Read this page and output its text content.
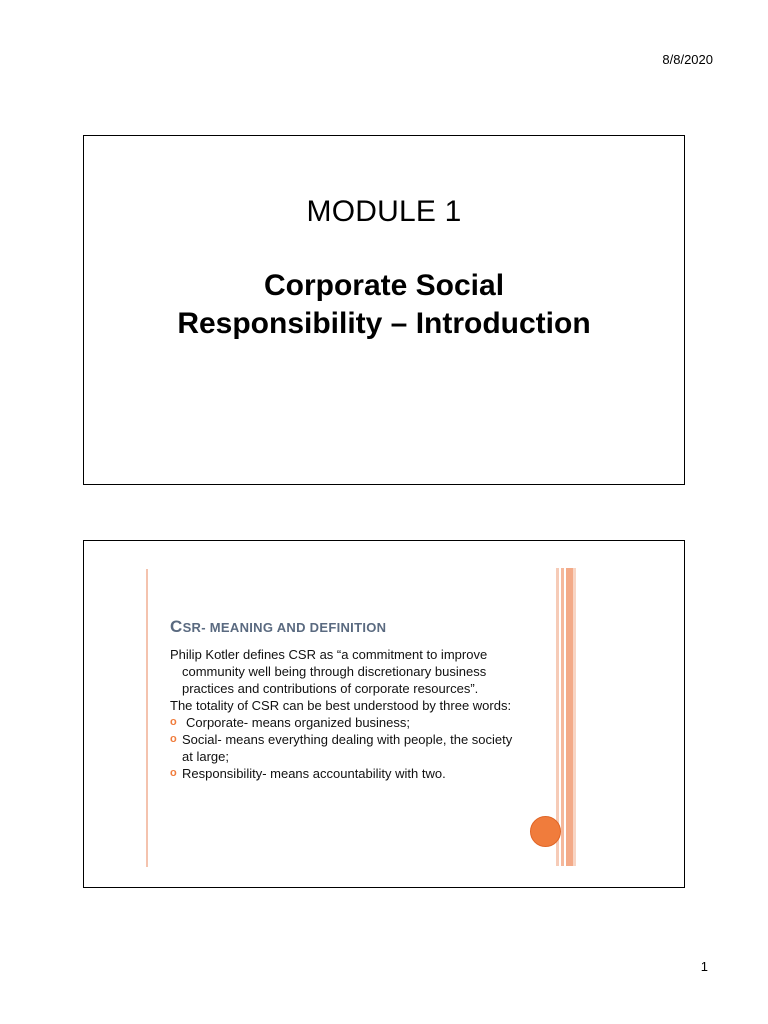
8/8/2020
MODULE 1
Corporate Social
Responsibility – Introduction
CSR- MEANING AND DEFINITION
Philip Kotler defines CSR as “a commitment to improve community well being through discretionary business practices and contributions of corporate resources”.
The totality of CSR can be best understood by three words:
o Corporate- means organized business;
o Social- means everything dealing with people, the society at large;
o Responsibility- means accountability with two.
1
